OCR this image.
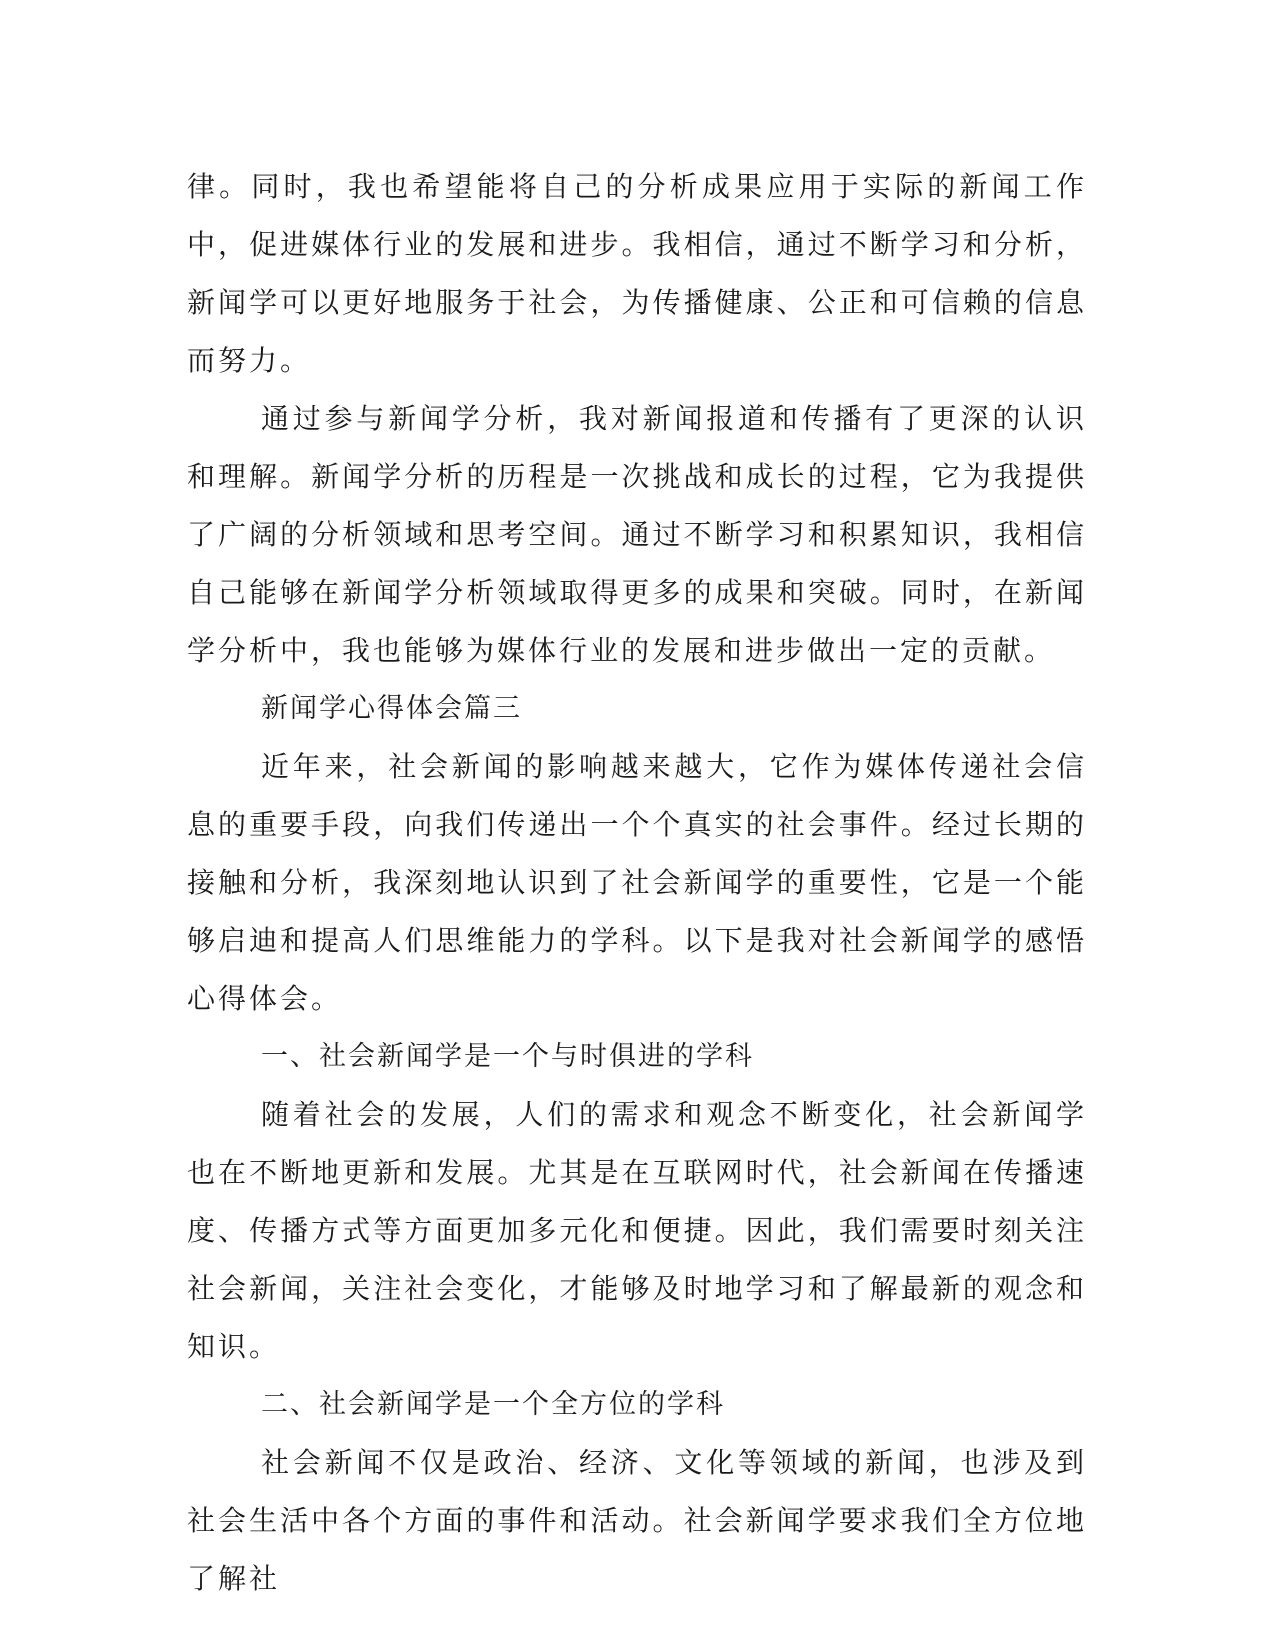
律。同时，我也希望能将自己的分析成果应用于实际的新闻工作中，促进媒体行业的发展和进步。我相信，通过不断学习和分析，新闻学可以更好地服务于社会，为传播健康、公正和可信赖的信息而努力。

通过参与新闻学分析，我对新闻报道和传播有了更深的认识和理解。新闻学分析的历程是一次挑战和成长的过程，它为我提供了广阔的分析领域和思考空间。通过不断学习和积累知识，我相信自己能够在新闻学分析领域取得更多的成果和突破。同时，在新闻学分析中，我也能够为媒体行业的发展和进步做出一定的贡献。

新闻学心得体会篇三

近年来，社会新闻的影响越来越大，它作为媒体传递社会信息的重要手段，向我们传递出一个个真实的社会事件。经过长期的接触和分析，我深刻地认识到了社会新闻学的重要性，它是一个能够启迪和提高人们思维能力的学科。以下是我对社会新闻学的感悟心得体会。

一、社会新闻学是一个与时俱进的学科

随着社会的发展，人们的需求和观念不断变化，社会新闻学也在不断地更新和发展。尤其是在互联网时代，社会新闻在传播速度、传播方式等方面更加多元化和便捷。因此，我们需要时刻关注社会新闻，关注社会变化，才能够及时地学习和了解最新的观念和知识。

二、社会新闻学是一个全方位的学科

社会新闻不仅是政治、经济、文化等领域的新闻，也涉及到社会生活中各个方面的事件和活动。社会新闻学要求我们全方位地了解社
